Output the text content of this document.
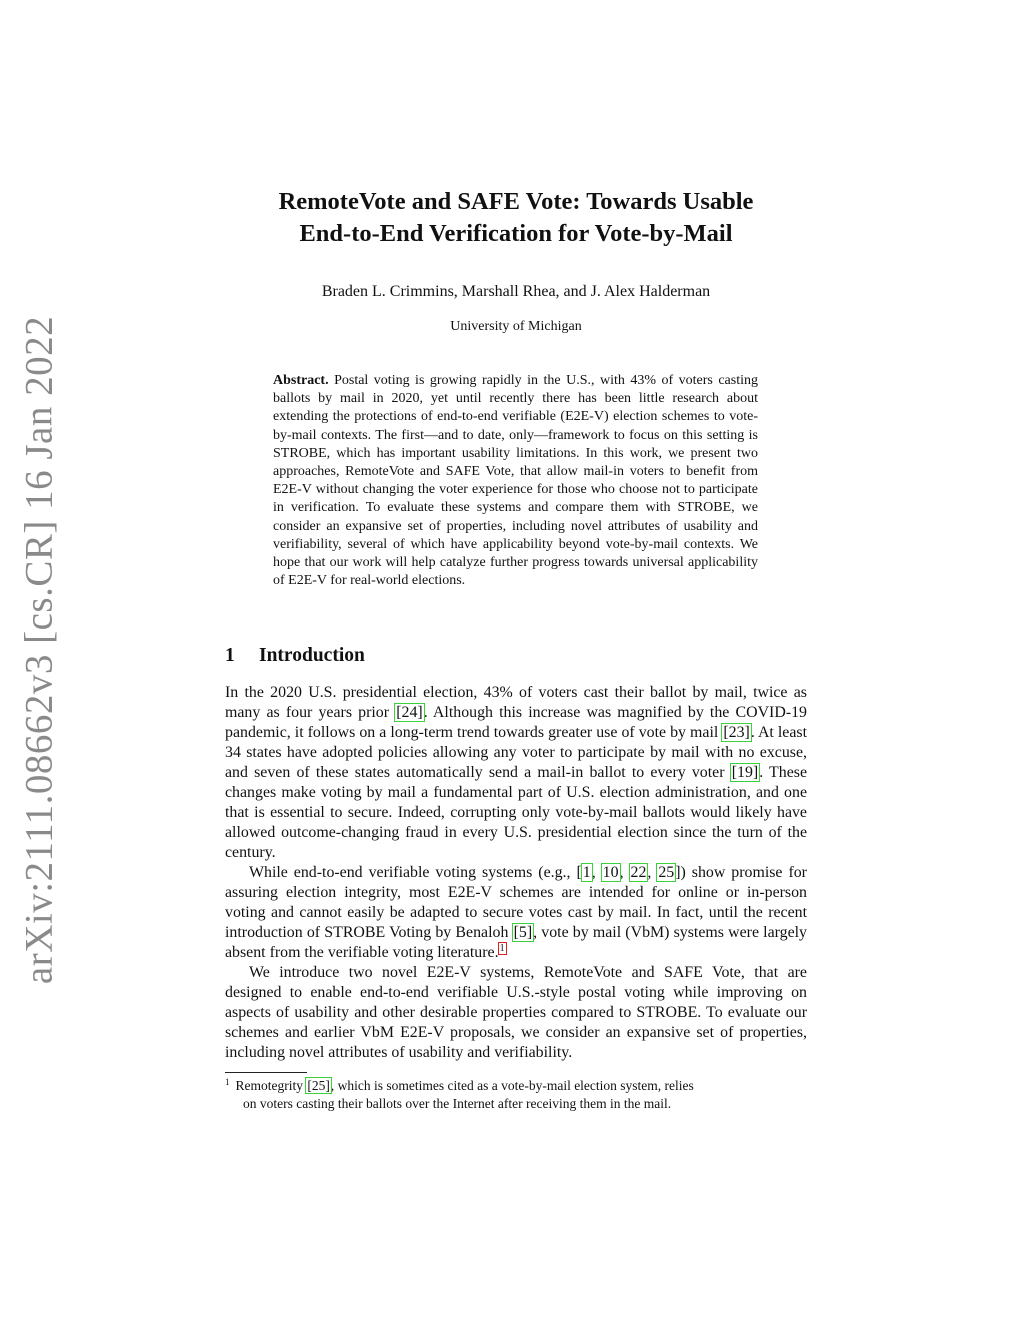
arXiv:2111.08662v3 [cs.CR] 16 Jan 2022
RemoteVote and SAFE Vote: Towards Usable
End-to-End Verification for Vote-by-Mail
Braden L. Crimmins, Marshall Rhea, and J. Alex Halderman
University of Michigan

Abstract. Postal voting is growing rapidly in the U.S., with 43% of voters casting ballots by mail in 2020, yet until recently there has been little research about extending the protections of end-to-end verifiable (E2E-V) election schemes to vote-by-mail contexts. The first—and to date, only—framework to focus on this setting is STROBE, which has important usability limitations. In this work, we present two approaches, RemoteVote and SAFE Vote, that allow mail-in voters to benefit from E2E-V without changing the voter experience for those who choose not to participate in verification. To evaluate these systems and compare them with STROBE, we consider an expansive set of properties, including novel attributes of usability and verifiability, several of which have applicability beyond vote-by-mail contexts. We hope that our work will help catalyze further progress towards universal applicability of E2E-V for real-world elections.

1 Introduction

In the 2020 U.S. presidential election, 43% of voters cast their ballot by mail, twice as many as four years prior [24]. Although this increase was magnified by the COVID-19 pandemic, it follows on a long-term trend towards greater use of vote by mail [23]. At least 34 states have adopted policies allowing any voter to participate by mail with no excuse, and seven of these states automatically send a mail-in ballot to every voter [19]. These changes make voting by mail a fundamental part of U.S. election administration, and one that is essential to secure. Indeed, corrupting only vote-by-mail ballots would likely have allowed outcome-changing fraud in every U.S. presidential election since the turn of the century.

While end-to-end verifiable voting systems (e.g., [1, 10, 22, 25]) show promise for assuring election integrity, most E2E-V schemes are intended for online or in-person voting and cannot easily be adapted to secure votes cast by mail. In fact, until the recent introduction of STROBE Voting by Benaloh [5], vote by mail (VbM) systems were largely absent from the verifiable voting literature.$^1$

We introduce two novel E2E-V systems, RemoteVote and SAFE Vote, that are designed to enable end-to-end verifiable U.S.-style postal voting while improving on aspects of usability and other desirable properties compared to STROBE. To evaluate our schemes and earlier VbM E2E-V proposals, we consider an expansive set of properties, including novel attributes of usability and verifiability.

$^1$ Remotegrity [25], which is sometimes cited as a vote-by-mail election system, relies
on voters casting their ballots over the Internet after receiving them in the mail.
